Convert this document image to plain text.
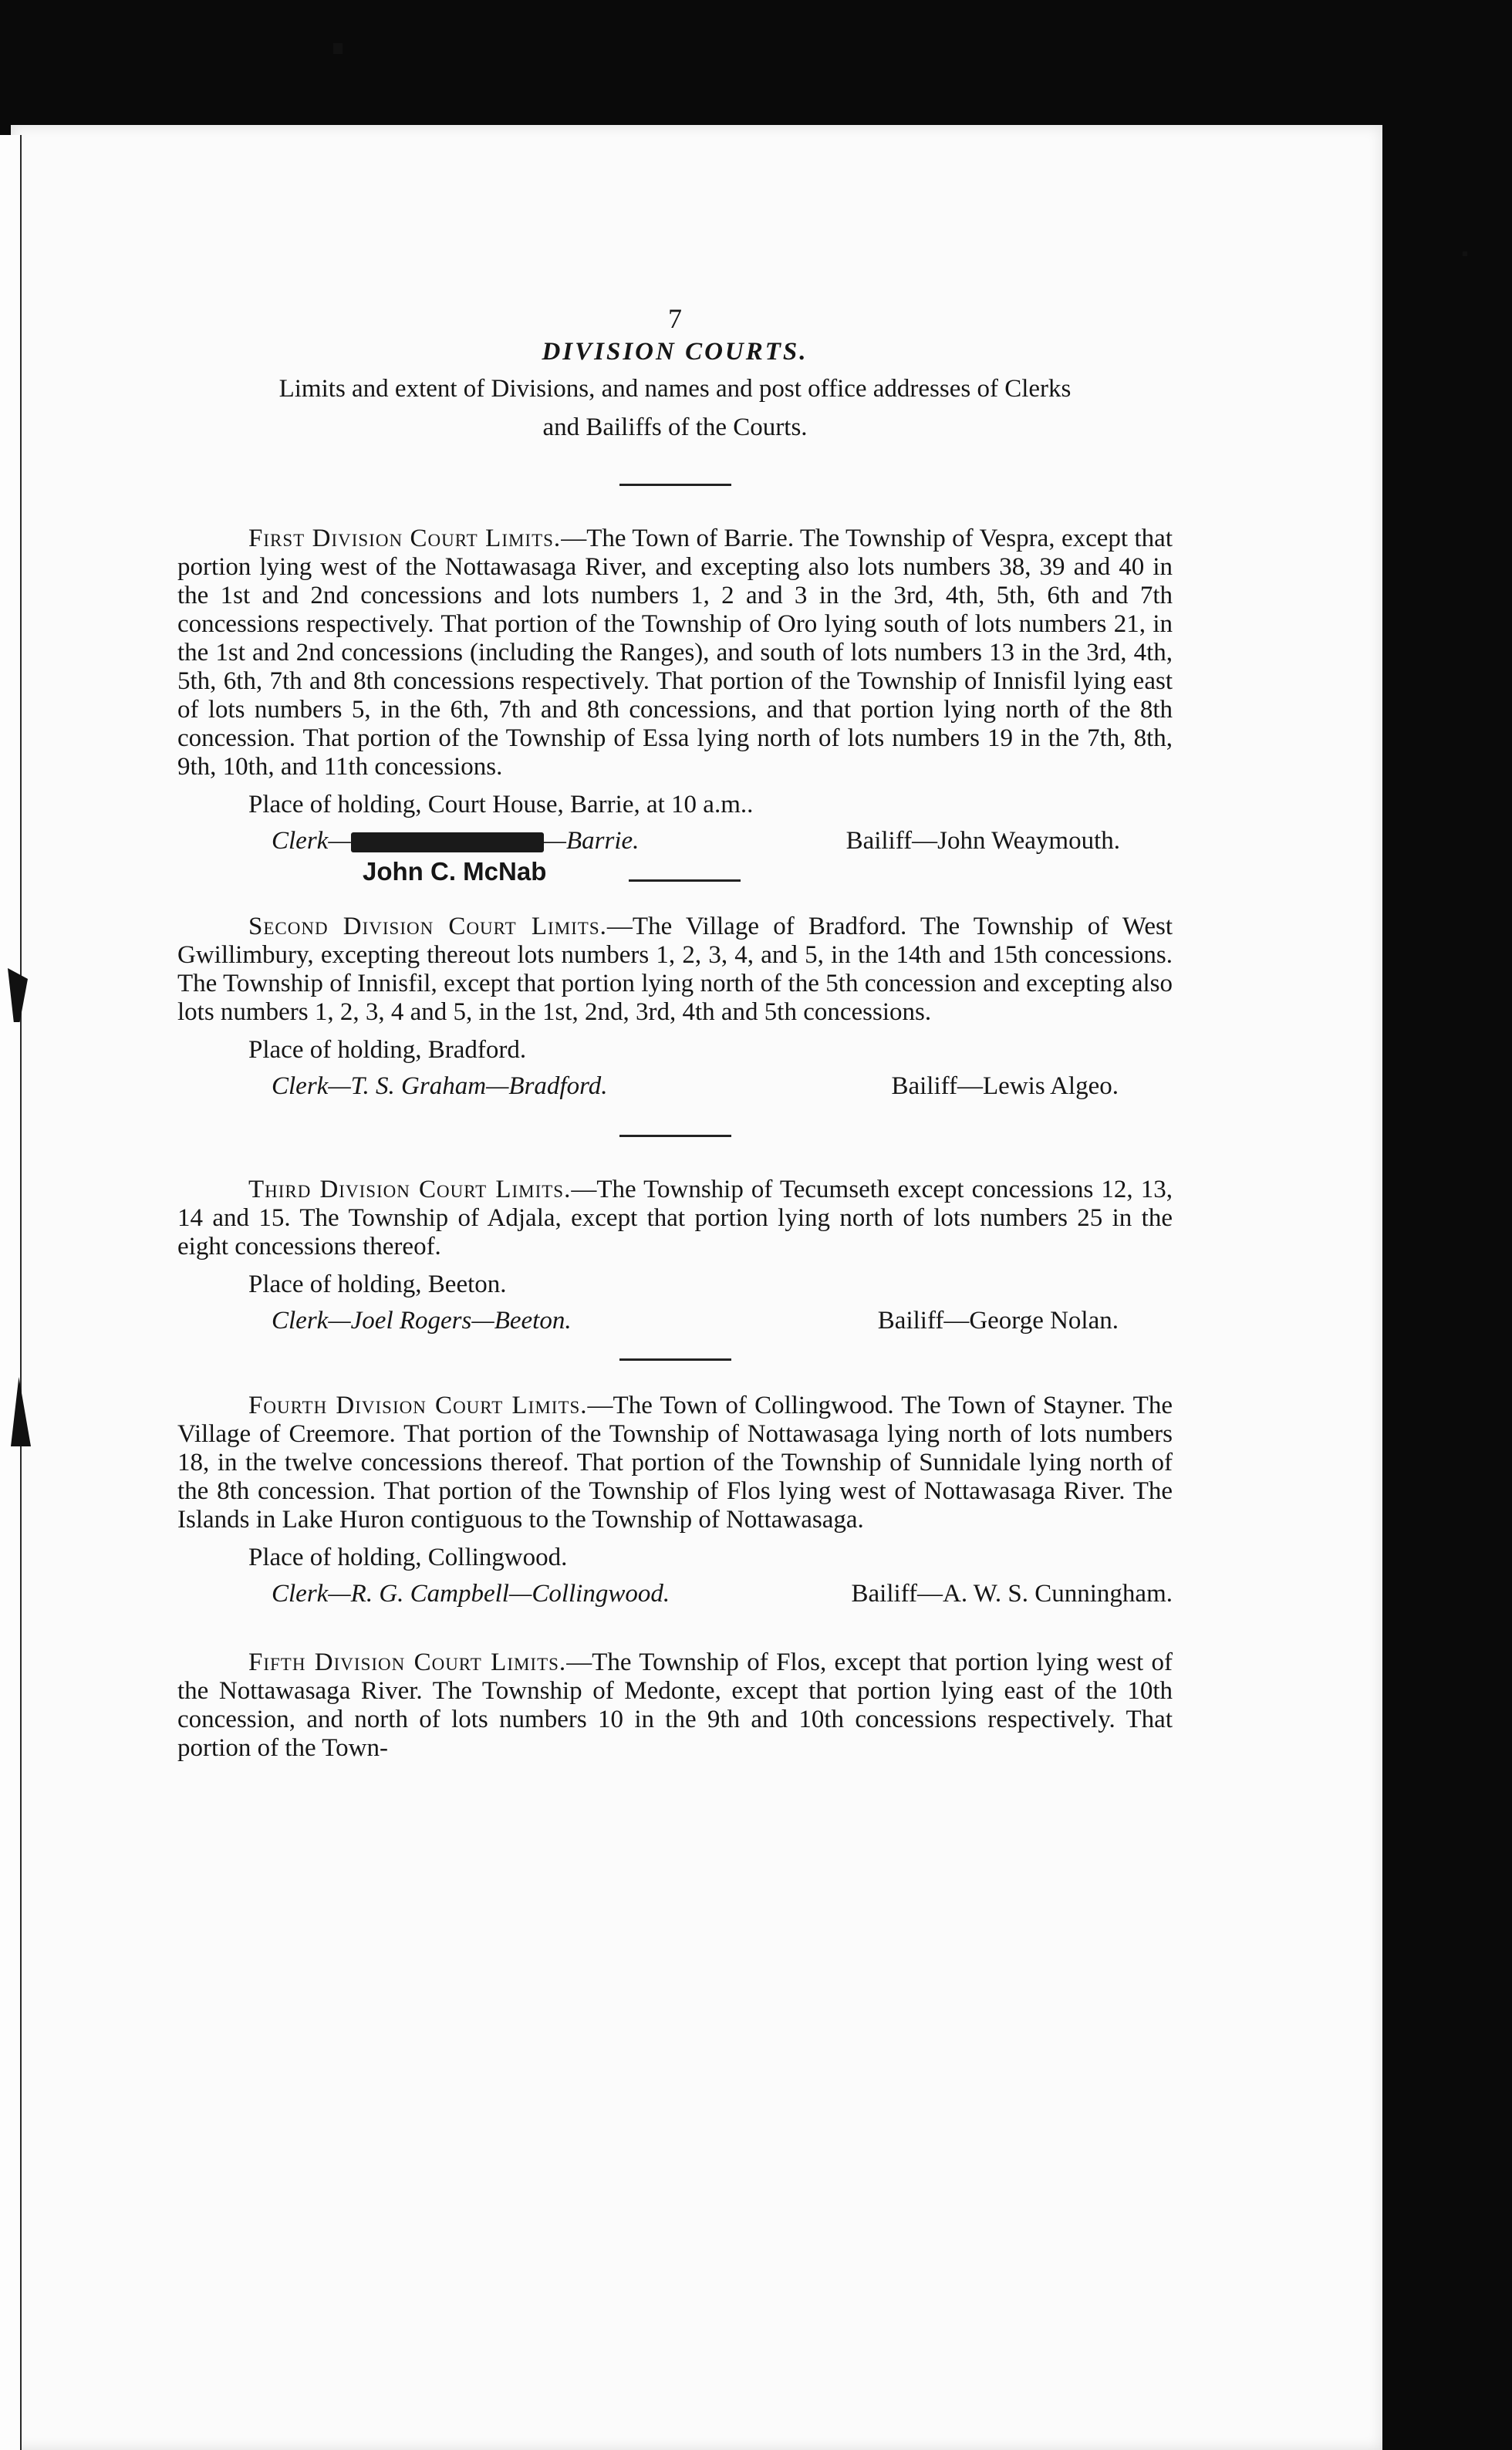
7
DIVISION COURTS.
Limits and extent of Divisions, and names and post office addresses of Clerks
and Bailiffs of the Courts.

First Division Court Limits.—The Town of Barrie. The Township of Vespra, except that portion lying west of the Nottawasaga River, and excepting also lots numbers 38, 39 and 40 in the 1st and 2nd concessions and lots numbers 1, 2 and 3 in the 3rd, 4th, 5th, 6th and 7th concessions respectively. That portion of the Township of Oro lying south of lots numbers 21, in the 1st and 2nd concessions (including the Ranges), and south of lots numbers 13 in the 3rd, 4th, 5th, 6th, 7th and 8th concessions respectively. That portion of the Township of Innisfil lying east of lots numbers 5, in the 6th, 7th and 8th concessions, and that portion lying north of the 8th concession. That portion of the Township of Essa lying north of lots numbers 19 in the 7th, 8th, 9th, 10th, and 11th concessions.

Place of holding, Court House, Barrie, at 10 a.m..
Clerk—	—Barrie.	Bailiff—John Weaymouth.
John C. McNab

Second Division Court Limits.—The Village of Bradford. The Township of West Gwillimbury, excepting thereout lots numbers 1, 2, 3, 4, and 5, in the 14th and 15th concessions. The Township of Innisfil, except that portion lying north of the 5th concession and excepting also lots numbers 1, 2, 3, 4 and 5, in the 1st, 2nd, 3rd, 4th and 5th concessions.

Place of holding, Bradford.
Clerk—T. S. Graham—Bradford.	Bailiff—Lewis Algeo.

Third Division Court Limits.—The Township of Tecumseth except concessions 12, 13, 14 and 15. The Township of Adjala, except that portion lying north of lots numbers 25 in the eight concessions thereof.

Place of holding, Beeton.
Clerk—Joel Rogers—Beeton.	Bailiff—George Nolan.

Fourth Division Court Limits.—The Town of Collingwood. The Town of Stayner. The Village of Creemore. That portion of the Township of Nottawasaga lying north of lots numbers 18, in the twelve concessions thereof. That portion of the Township of Sunnidale lying north of the 8th concession. That portion of the Township of Flos lying west of Nottawasaga River. The Islands in Lake Huron contiguous to the Township of Nottawasaga.

Place of holding, Collingwood.
Clerk—R. G. Campbell—Collingwood.	Bailiff—A. W. S. Cunningham.

Fifth Division Court Limits.—The Township of Flos, except that portion lying west of the Nottawasaga River. The Township of Medonte, except that portion lying east of the 10th concession, and north of lots numbers 10 in the 9th and 10th concessions respectively. That portion of the Town-
